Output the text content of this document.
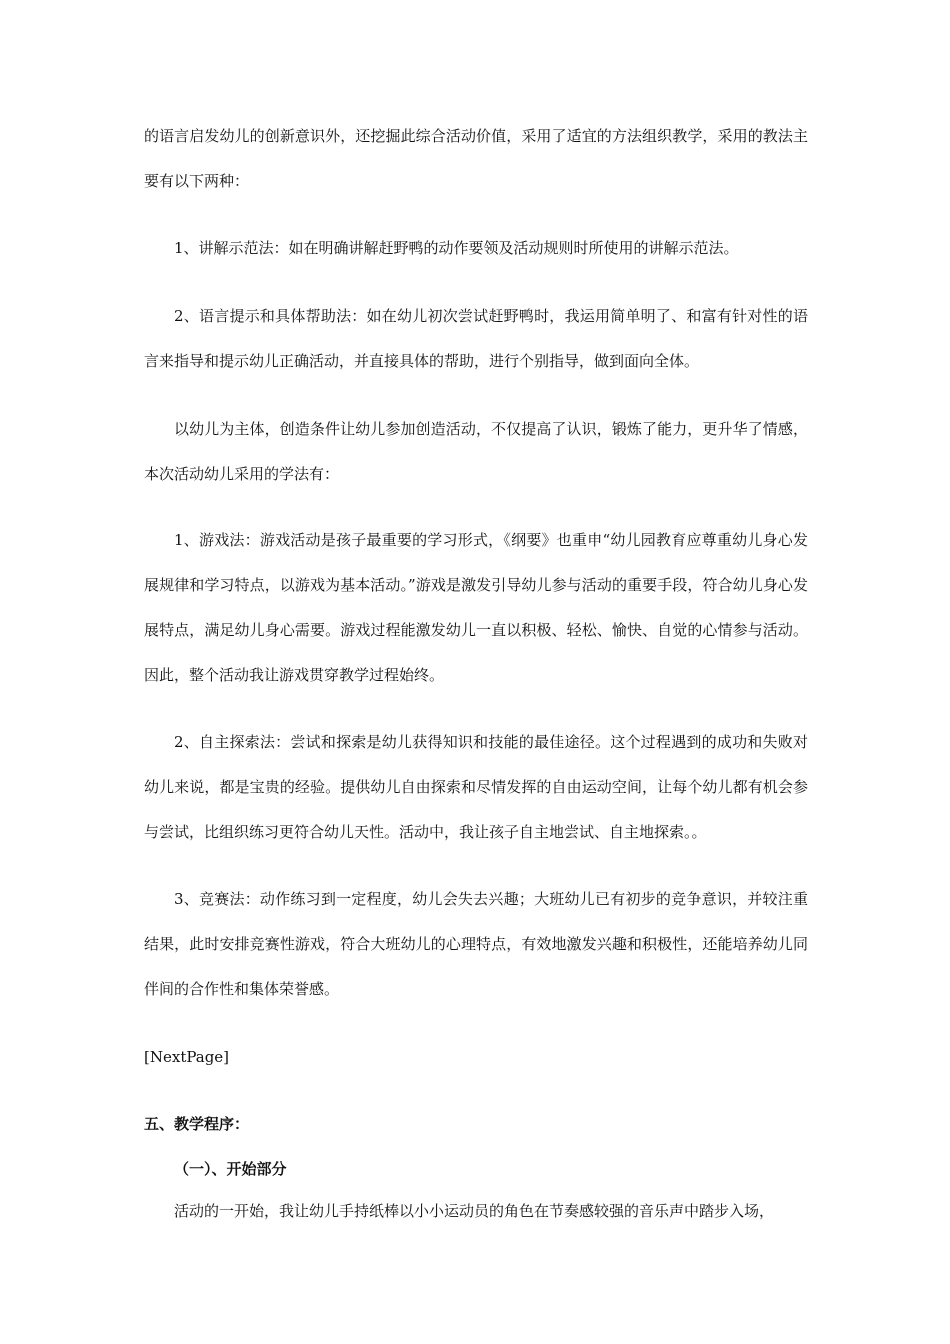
的语言启发幼儿的创新意识外，还挖掘此综合活动价值，采用了适宜的方法组织教学，采用的教法主要有以下两种：

1、讲解示范法：如在明确讲解赶野鸭的动作要领及活动规则时所使用的讲解示范法。

2、语言提示和具体帮助法：如在幼儿初次尝试赶野鸭时，我运用简单明了、和富有针对性的语言来指导和提示幼儿正确活动，并直接具体的帮助，进行个别指导，做到面向全体。

以幼儿为主体，创造条件让幼儿参加创造活动，不仅提高了认识，锻炼了能力，更升华了情感，本次活动幼儿采用的学法有：

1、游戏法：游戏活动是孩子最重要的学习形式，《纲要》也重申“幼儿园教育应尊重幼儿身心发展规律和学习特点，以游戏为基本活动。”游戏是激发引导幼儿参与活动的重要手段，符合幼儿身心发展特点，满足幼儿身心需要。游戏过程能激发幼儿一直以积极、轻松、愉快、自觉的心情参与活动。因此，整个活动我让游戏贯穿教学过程始终。

2、自主探索法：尝试和探索是幼儿获得知识和技能的最佳途径。这个过程遇到的成功和失败对幼儿来说，都是宝贵的经验。提供幼儿自由探索和尽情发挥的自由运动空间，让每个幼儿都有机会参与尝试，比组织练习更符合幼儿天性。活动中，我让孩子自主地尝试、自主地探索。。

3、竞赛法：动作练习到一定程度，幼儿会失去兴趣；大班幼儿已有初步的竞争意识，并较注重结果，此时安排竞赛性游戏，符合大班幼儿的心理特点，有效地激发兴趣和积极性，还能培养幼儿同伴间的合作性和集体荣誉感。

[NextPage]

五、教学程序：

（一）、开始部分

活动的一开始，我让幼儿手持纸棒以小小运动员的角色在节奏感较强的音乐声中踏步入场，
